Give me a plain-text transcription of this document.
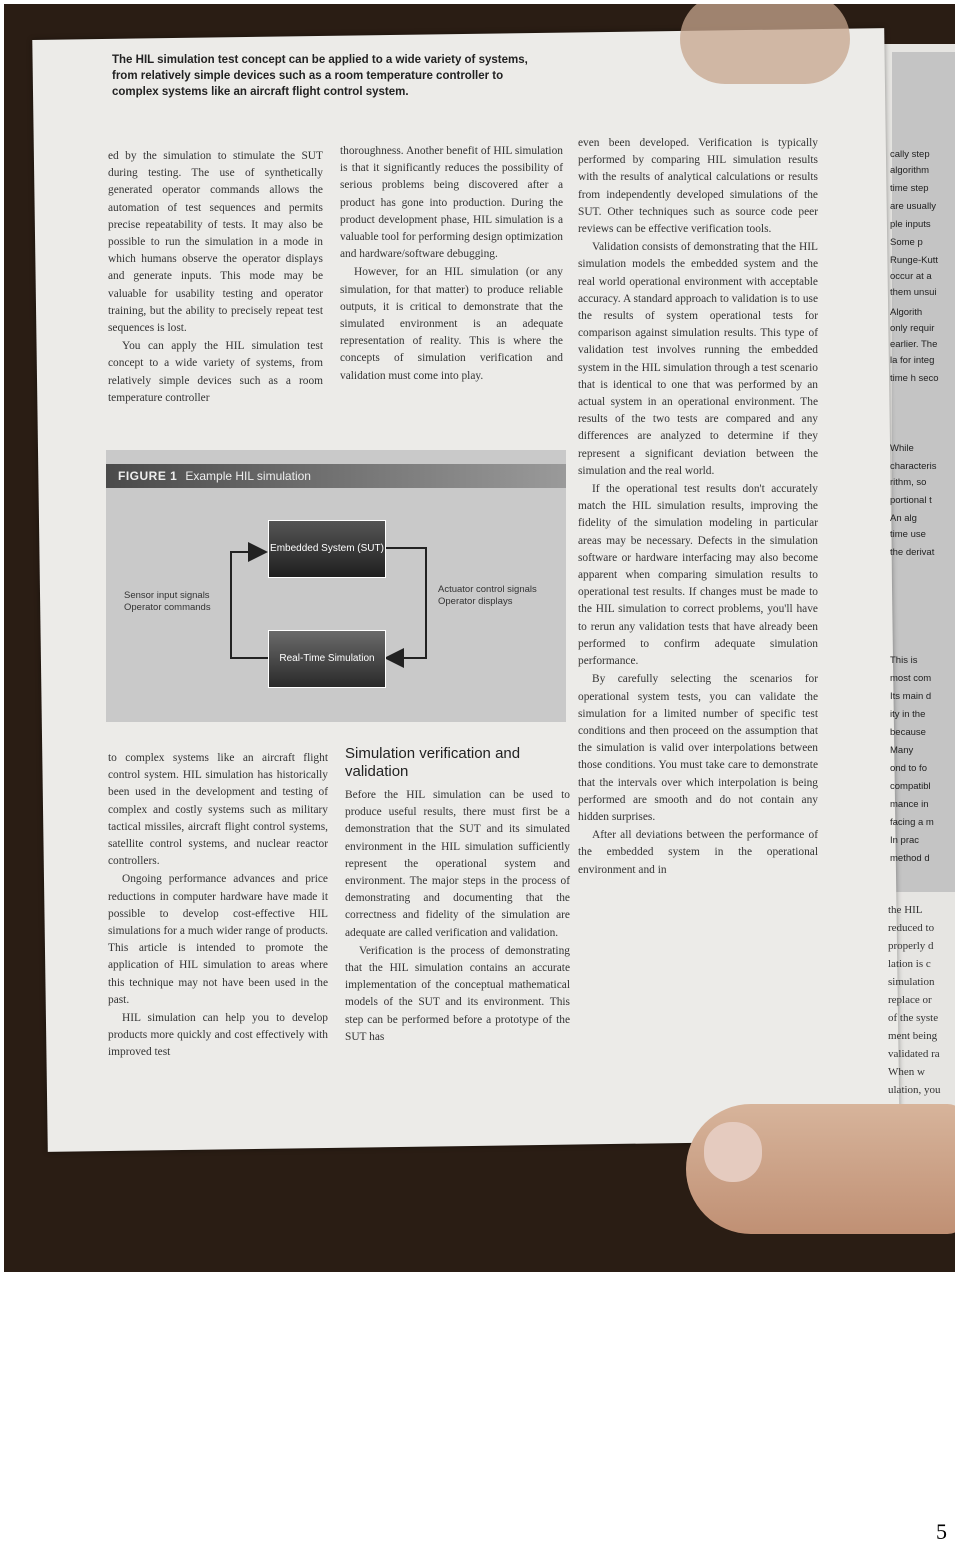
The HIL simulation test concept can be applied to a wide variety of systems, from relatively simple devices such as a room temperature controller to complex systems like an aircraft flight control system.

ed by the simulation to stimulate the SUT during testing. The use of synthetically generated operator commands allows the automation of test sequences and permits precise repeatability of tests. It may also be possible to run the simulation in a mode in which humans observe the operator displays and generate inputs. This mode may be valuable for usability testing and operator training, but the ability to precisely repeat test sequences is lost.

You can apply the HIL simulation test concept to a wide variety of systems, from relatively simple devices such as a room temperature controller

thoroughness. Another benefit of HIL simulation is that it significantly reduces the possibility of serious problems being discovered after a product has gone into production. During the product development phase, HIL simulation is a valuable tool for performing design optimization and hardware/software debugging.

However, for an HIL simulation (or any simulation, for that matter) to produce reliable outputs, it is critical to demonstrate that the simulated environment is an adequate representation of reality. This is where the concepts of simulation verification and validation must come into play.

even been developed. Verification is typically performed by comparing HIL simulation results with the results of analytical calculations or results from independently developed simulations of the SUT. Other techniques such as source code peer reviews can be effective verification tools.

Validation consists of demonstrating that the HIL simulation models the embedded system and the real world operational environment with acceptable accuracy. A standard approach to validation is to use the results of system operational tests for comparison against simulation results. This type of validation test involves running the embedded system in the HIL simulation through a test scenario that is identical to one that was performed by an actual system in an operational environment. The results of the two tests are compared and any differences are analyzed to determine if they represent a significant deviation between the simulation and the real world.

If the operational test results don't accurately match the HIL simulation results, improving the fidelity of the simulation modeling in particular areas may be necessary. Defects in the simulation software or hardware interfacing may also become apparent when comparing simulation results to operational test results. If changes must be made to the HIL simulation to correct problems, you'll have to rerun any validation tests that have already been performed to confirm adequate simulation performance.

By carefully selecting the scenarios for operational system tests, you can validate the simulation for a limited number of specific test conditions and then proceed on the assumption that the simulation is valid over interpolations between those conditions. You must take care to demonstrate that the intervals over which interpolation is being performed are smooth and do not contain any hidden surprises.

After all deviations between the performance of the embedded system in the operational environment and in

FIGURE 1 Example HIL simulation
Embedded System (SUT)
Real-Time Simulation
Sensor input signals
Operator commands
Actuator control signals
Operator displays

to complex systems like an aircraft flight control system. HIL simulation has historically been used in the development and testing of complex and costly systems such as military tactical missiles, aircraft flight control systems, satellite control systems, and nuclear reactor controllers.

Ongoing performance advances and price reductions in computer hardware have made it possible to develop cost-effective HIL simulations for a much wider range of products. This article is intended to promote the application of HIL simulation to areas where this technique may not have been used in the past.

HIL simulation can help you to develop products more quickly and cost effectively with improved test

Simulation verification and validation

Before the HIL simulation can be used to produce useful results, there must first be a demonstration that the SUT and its simulated environment in the HIL simulation sufficiently represent the operational system and environment. The major steps in the process of demonstrating and documenting that the correctness and fidelity of the simulation are adequate are called verification and validation.

Verification is the process of demonstrating that the HIL simulation contains an accurate implementation of the conceptual mathematical models of the SUT and its environment. This step can be performed before a prototype of the SUT has

cally step
algorithm
time step
are usually
ple inputs
Some p
Runge-Kutt
occur at a
them unsui
Algorith
only requir
earlier. The
la for integ
time h seco
While
characteris
rithm, so
portional t
An alg
time use
the derivat
This is
most com
Its main d
ity in the
because
Many
ond to fo
compatibl
mance in
facing a m
In prac
method d
the HIL
reduced to
properly d
lation is c
simulation
replace or
of the syste
ment being
validated ra
When w
ulation, you
5
